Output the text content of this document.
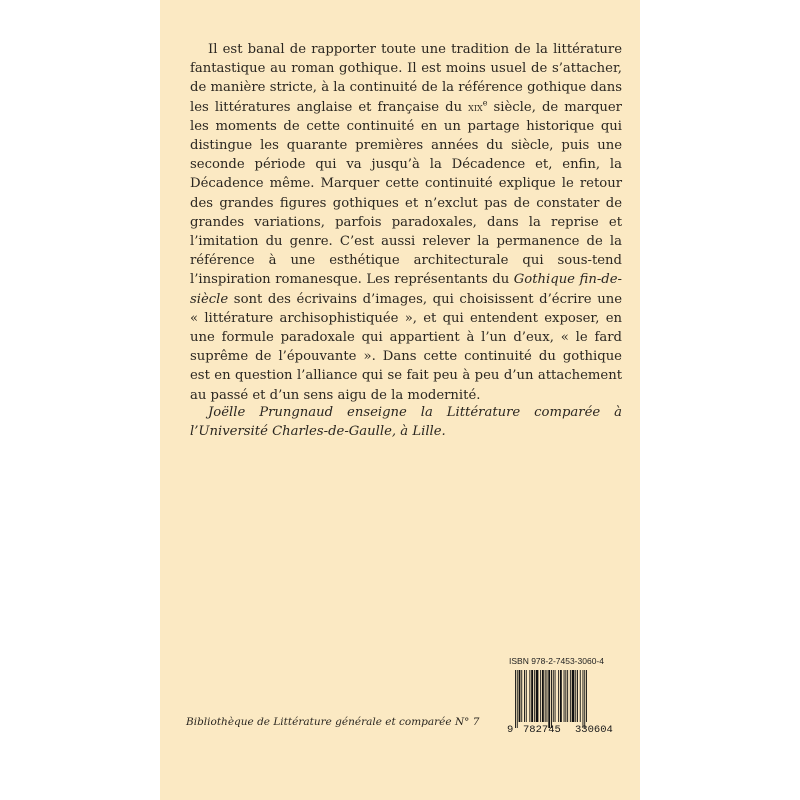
Il est banal de rapporter toute une tradition de la littérature fantastique au roman gothique. Il est moins usuel de s’attacher, de manière stricte, à la continuité de la référence gothique dans les littératures anglaise et française du xix$^e$ siècle, de marquer les moments de cette continuité en un partage historique qui distingue les quarante premières années du siècle, puis une seconde période qui va jusqu’à la Décadence et, enfin, la Décadence même. Marquer cette continuité explique le retour des grandes figures gothiques et n’exclut pas de constater de grandes variations, parfois paradoxales, dans la reprise et l’imitation du genre. C’est aussi relever la permanence de la référence à une esthétique architecturale qui sous-tend l’inspiration romanesque. Les représentants du Gothique fin-de-siècle sont des écrivains d’images, qui choisissent d’écrire une « littérature archisophistiquée », et qui entendent exposer, en une formule paradoxale qui appartient à l’un d’eux, « le fard suprême de l’épouvante ». Dans cette continuité du gothique est en question l’alliance qui se fait peu à peu d’un attachement au passé et d’un sens aigu de la modernité.

Joëlle Prungnaud enseigne la Littérature comparée à l’Université Charles-de-Gaulle, à Lille.

Bibliothèque de Littérature générale et comparée N° 7
ISBN 978-2-7453-3060-4
9 782745 330604
